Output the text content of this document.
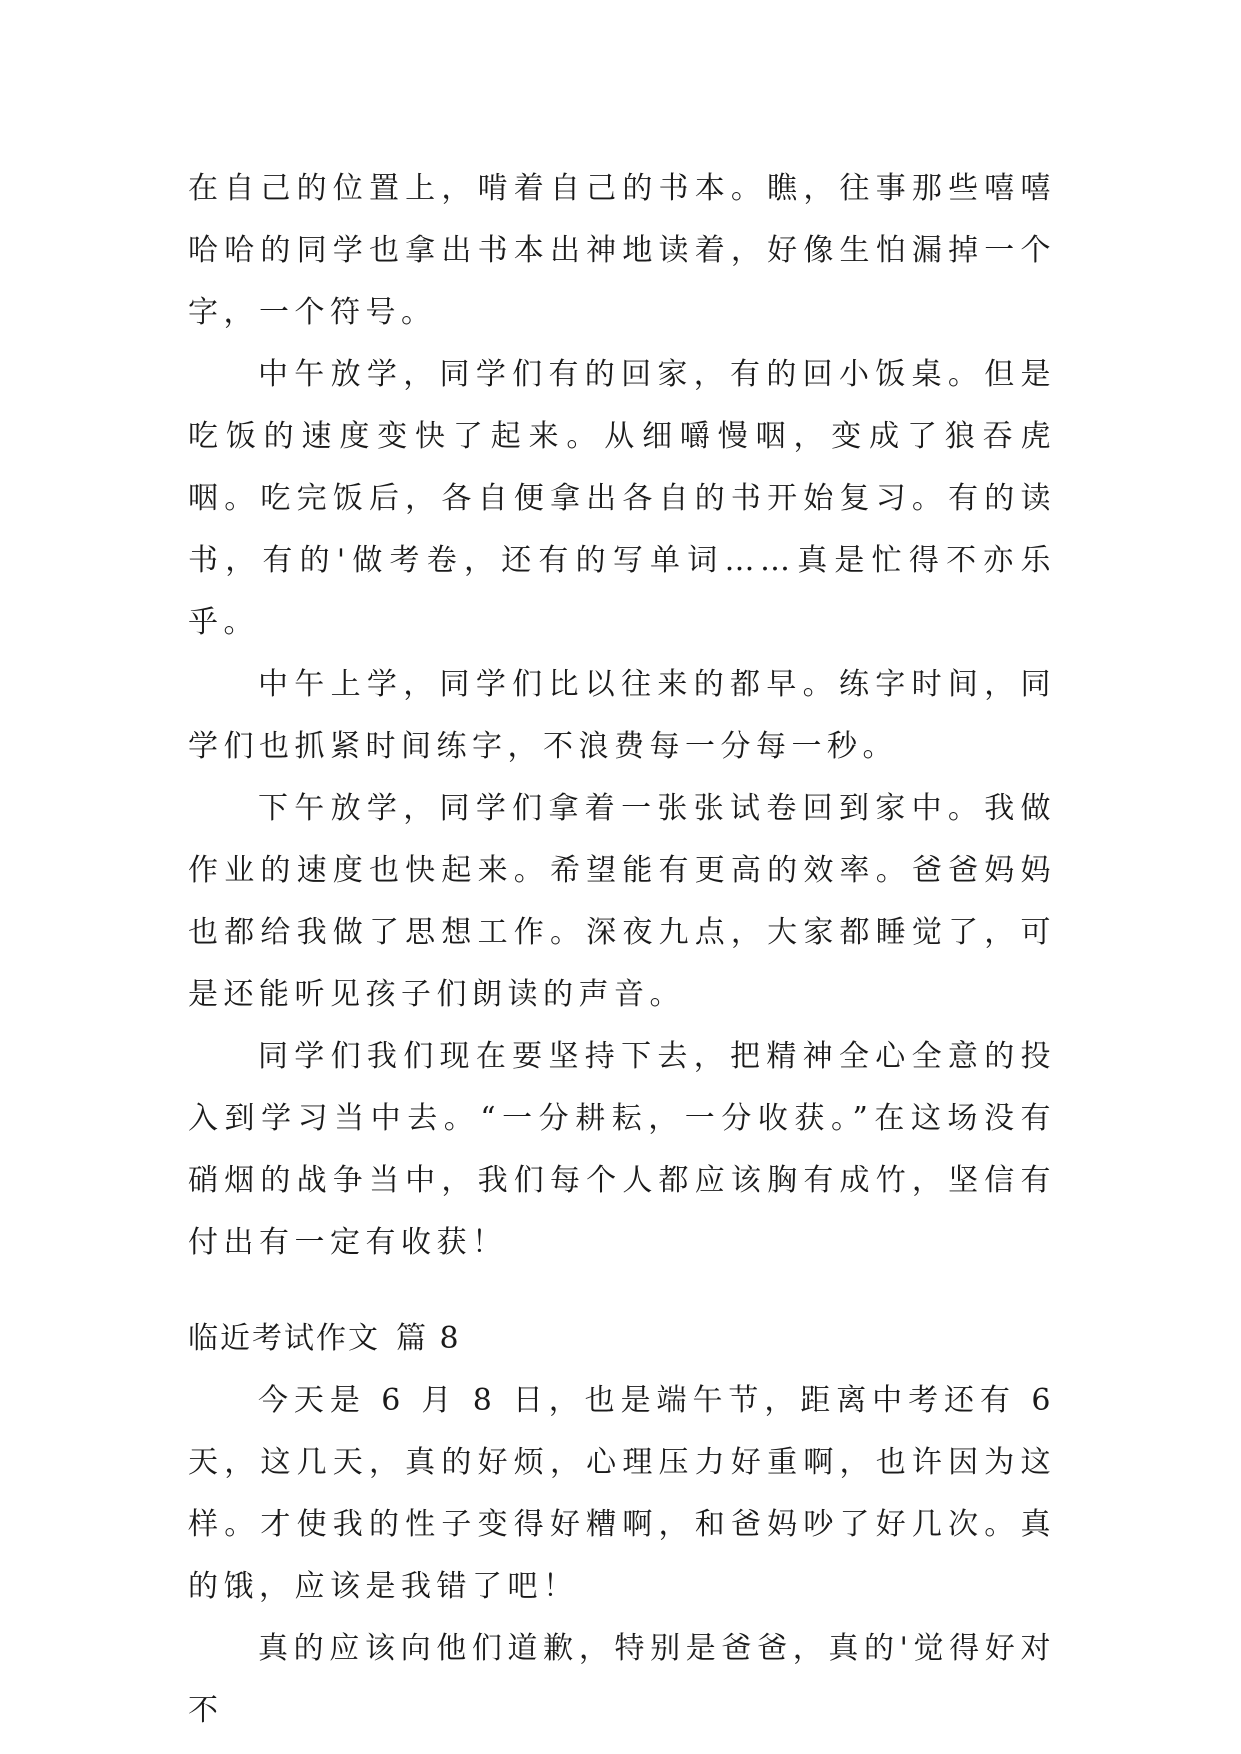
在自己的位置上，啃着自己的书本。瞧，往事那些嘻嘻哈哈的同学也拿出书本出神地读着，好像生怕漏掉一个字，一个符号。

中午放学，同学们有的回家，有的回小饭桌。但是吃饭的速度变快了起来。从细嚼慢咽，变成了狼吞虎咽。吃完饭后，各自便拿出各自的书开始复习。有的读书，有的'做考卷，还有的写单词……真是忙得不亦乐乎。

中午上学，同学们比以往来的都早。练字时间，同学们也抓紧时间练字，不浪费每一分每一秒。

下午放学，同学们拿着一张张试卷回到家中。我做作业的速度也快起来。希望能有更高的效率。爸爸妈妈也都给我做了思想工作。深夜九点，大家都睡觉了，可是还能听见孩子们朗读的声音。

同学们我们现在要坚持下去，把精神全心全意的投入到学习当中去。“一分耕耘，一分收获。”在这场没有硝烟的战争当中，我们每个人都应该胸有成竹，坚信有付出有一定有收获！

临近考试作文 篇 8

今天是 6 月 8 日，也是端午节，距离中考还有 6 天，这几天，真的好烦，心理压力好重啊，也许因为这样。才使我的性子变得好糟啊，和爸妈吵了好几次。真的饿，应该是我错了吧！

真的应该向他们道歉，特别是爸爸，真的'觉得好对不
